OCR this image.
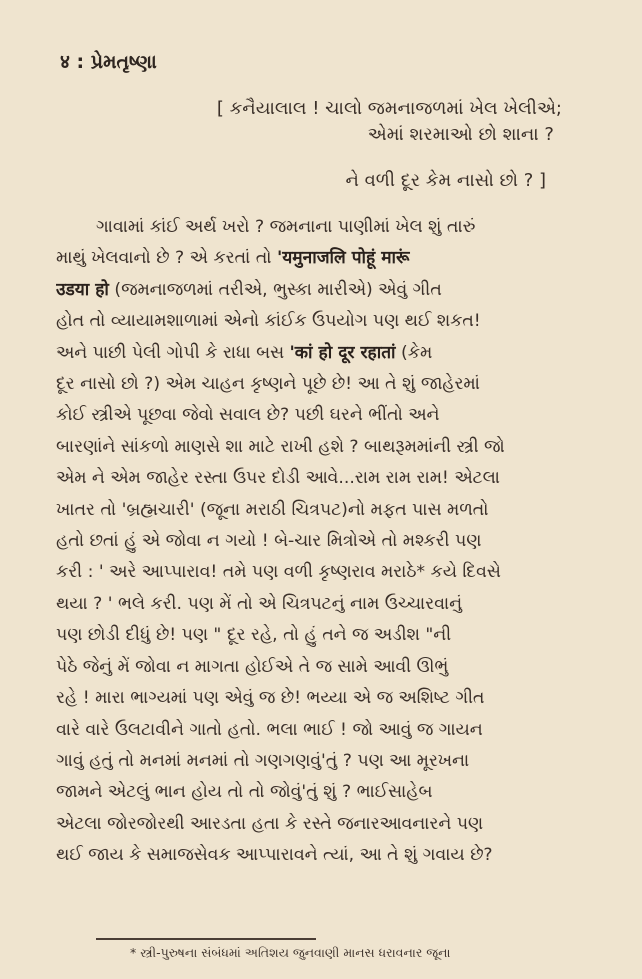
४ : પ્રેમતૃષ્ણા
[ કનૈયાલાલ ! ચાલો જમનાજળમાં ખેલ ખેલીએ;
એમાં શરમાઓ છો શાના ?
ને વળી દૂર કેમ નાસો છો ? ]
ગાવામાં કાંઈ અર્થ ખરો ? જમનાના પાણીમાં ખેલ શું તારું
માથું ખેલવાનો છે ? એ કરતાં તો 'यमुनाजलि पोहूं मारूं
उडया हो (જમનાજળમાં તરીએ, ભુસ્કા મારીએ) એવું ગીત
હોત તો વ્યાયામશાળામાં એનો કાંઈક ઉપયોગ પણ થઈ શકત!
અને પાછી પેલી ગોપી કે રાધા બસ 'कां हो दूर रहातां (કેમ
દૂર નાસો છો ?) એમ ચાહન કૃષ્ણને પૂછે છે! આ તે શું જાહેરમાં
કોઈ સ્ત્રીએ પૂછવા જેવો સવાલ છે? પછી ઘરને ભીંતો અને
બારણાંને સાંકળો માણસે શા માટે રાખી હશે ? બાથરૂમમાંની સ્ત્રી જો
એમ ને એમ જાહેર રસ્તા ઉપર દોડી આવે...રામ રામ રામ! એટલા
ખાતર તો 'બ્રહ્મચારી' (જૂના મરાઠી ચિત્રપટ)નો મફત પાસ મળતો
હતો છતાં હું એ જોવા ન ગયો ! બે-ચાર મિત્રોએ તો મશ્કરી પણ
કરી : ' અરે આપ્પારાવ! તમે પણ વળી કૃષ્ણરાવ મરાઠે* કયે દિવસે
થયા ? ' ભલે કરી. પણ મેં તો એ ચિત્રપટનું નામ ઉચ્ચારવાનું
પણ છોડી દીધું છે! પણ " દૂર રહે, તો હું તને જ અડીશ "ની
પેઠે જેનું મેં જોવા ન માગતા હોઈએ તે જ સામે આવી ઊભું
રહે ! મારા ભાગ્યમાં પણ એવું જ છે! ભય્યા એ જ અશિષ્ટ ગીત
વારે વારે ઉલટાવીને ગાતો હતો. ભલા ભાઈ ! જો આવું જ ગાયન
ગાવું હતું તો મનમાં મનમાં તો ગણગણવું'તું ? પણ આ મૂરખના
જામને એટલું ભાન હોય તો તો જોવું'તું શું ? ભાઈસાહેબ
એટલા જોરજોરથી આરડતા હતા કે રસ્તે જનારઆવનારને પણ
થઈ જાય કે સમાજસેવક આપ્પારાવને ત્યાં, આ તે શું ગવાય છે?
* સ્ત્રી-પુરુષના સંબંધમાં અતિશય જુનવાણી માનસ ધરાવનાર જૂના
